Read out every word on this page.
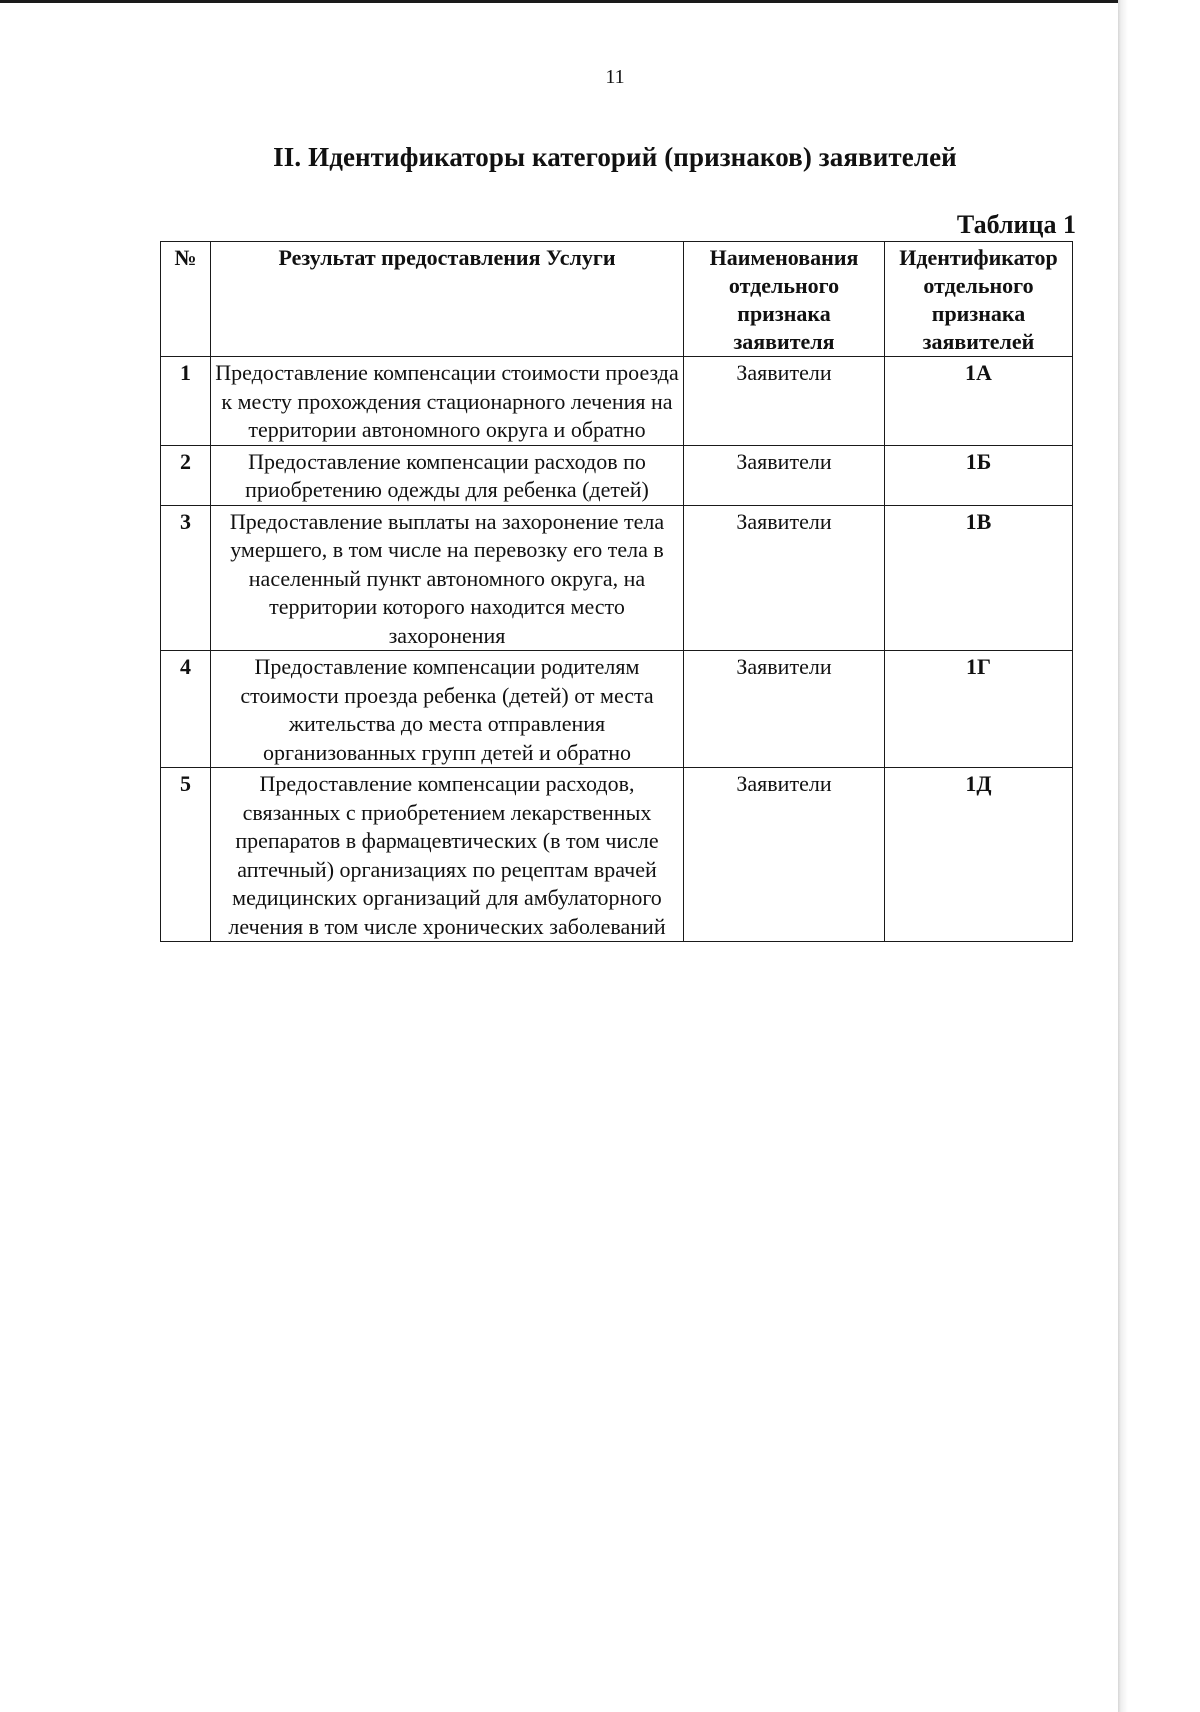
11
II. Идентификаторы категорий (признаков) заявителей
Таблица 1
№	Результат предоставления Услуги	Наименования отдельного признака заявителя	Идентификатор отдельного признака заявителей
1	Предоставление компенсации стоимости проезда к месту прохождения стационарного лечения на территории автономного округа и обратно	Заявители	1А
2	Предоставление компенсации расходов по приобретению одежды для ребенка (детей)	Заявители	1Б
3	Предоставление выплаты на захоронение тела умершего, в том числе на перевозку его тела в населенный пункт автономного округа, на территории которого находится место захоронения	Заявители	1В
4	Предоставление компенсации родителям стоимости проезда ребенка (детей) от места жительства до места отправления организованных групп детей и обратно	Заявители	1Г
5	Предоставление компенсации расходов, связанных с приобретением лекарственных препаратов в фармацевтических (в том числе аптечный) организациях по рецептам врачей медицинских организаций для амбулаторного лечения в том числе хронических заболеваний	Заявители	1Д
